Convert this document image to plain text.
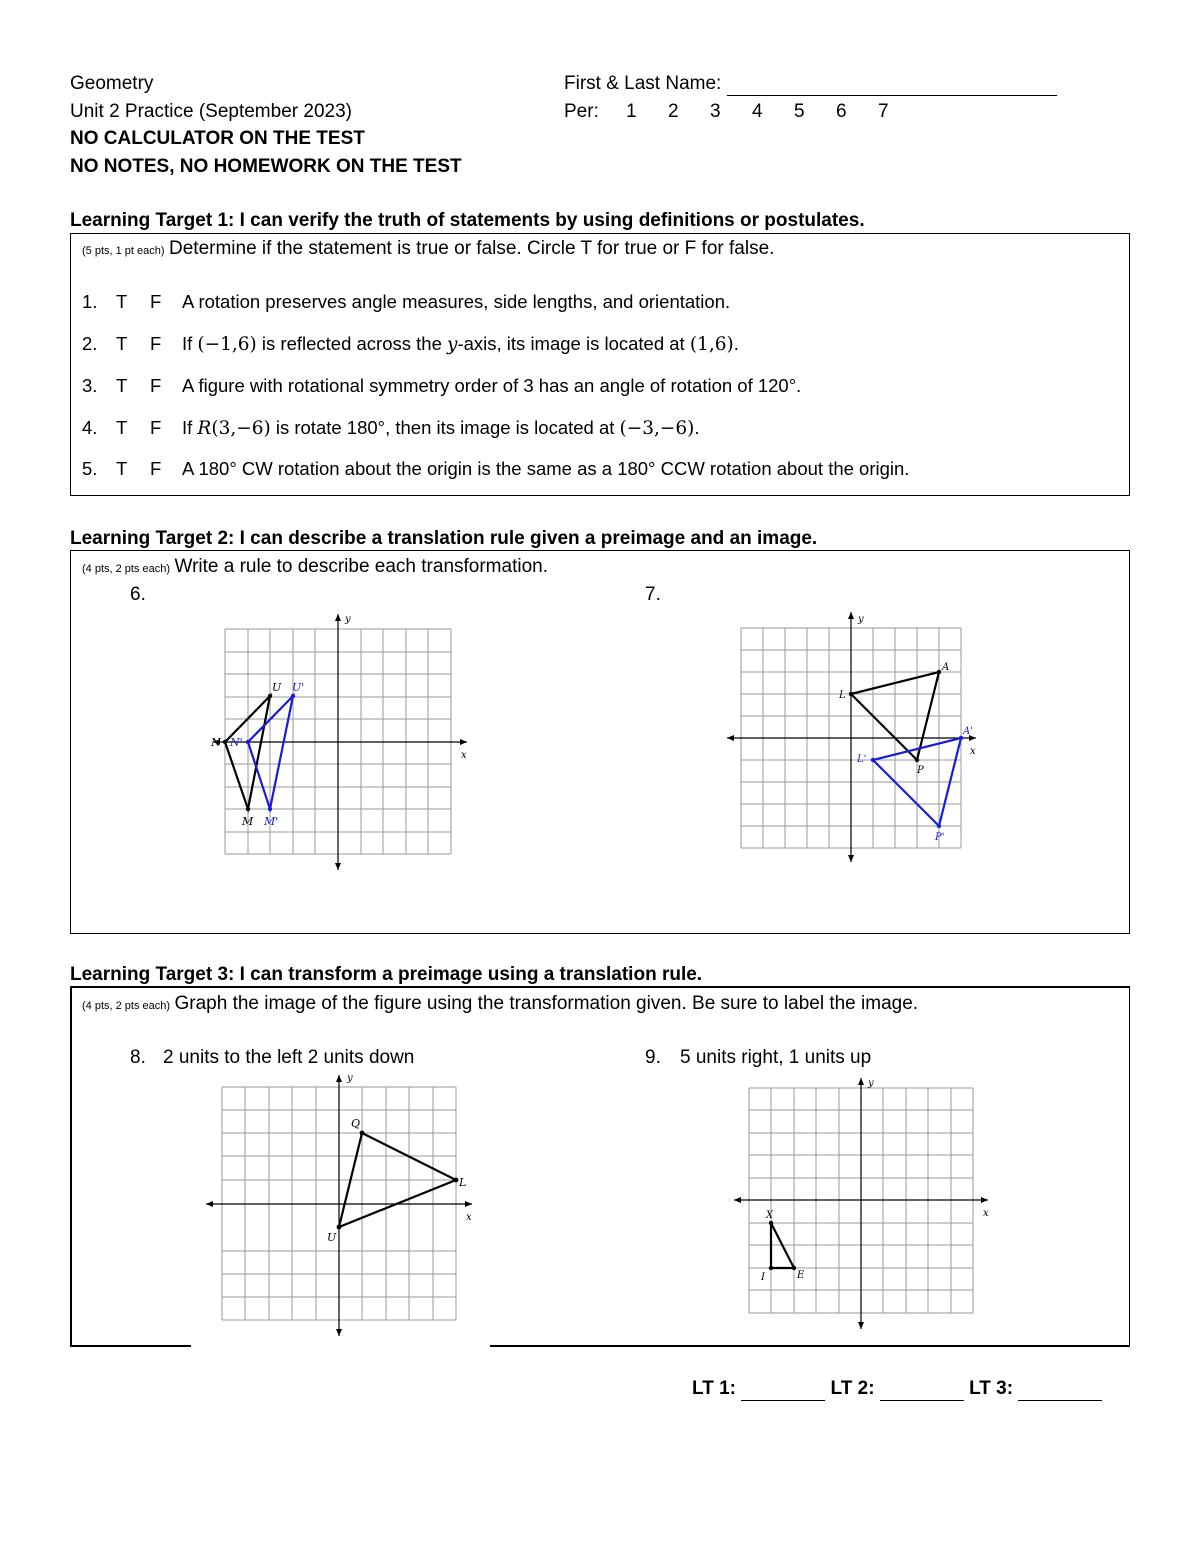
Geometry
Unit 2 Practice (September 2023)
NO CALCULATOR ON THE TEST
NO NOTES, NO HOMEWORK ON THE TEST
First & Last Name:
Per: 1 2 3 4 5 6 7
Learning Target 1: I can verify the truth of statements by using definitions or postulates.
(5 pts, 1 pt each) Determine if the statement is true or false. Circle T for true or F for false.
1. T F A rotation preserves angle measures, side lengths, and orientation.
2. T F If (−1,6) is reflected across the y-axis, its image is located at (1,6).
3. T F A figure with rotational symmetry order of 3 has an angle of rotation of 120°.
4. T F If R(3,−6) is rotate 180°, then its image is located at (−3,−6).
5. T F A 180° CW rotation about the origin is the same as a 180° CCW rotation about the origin.
Learning Target 2: I can describe a translation rule given a preimage and an image.
(4 pts, 2 pts each) Write a rule to describe each transformation.
6.	7.
x
y
U U'
N N'
M M'
x
y
A
A'
L
L'
P
P'
Learning Target 3: I can transform a preimage using a translation rule.
(4 pts, 2 pts each) Graph the image of the figure using the transformation given. Be sure to label the image.
8. 2 units to the left 2 units down	9. 5 units right, 1 units up
x
y
Q
L
U
x
y
X
I	E
LT 1:	LT 2:	LT 3:
